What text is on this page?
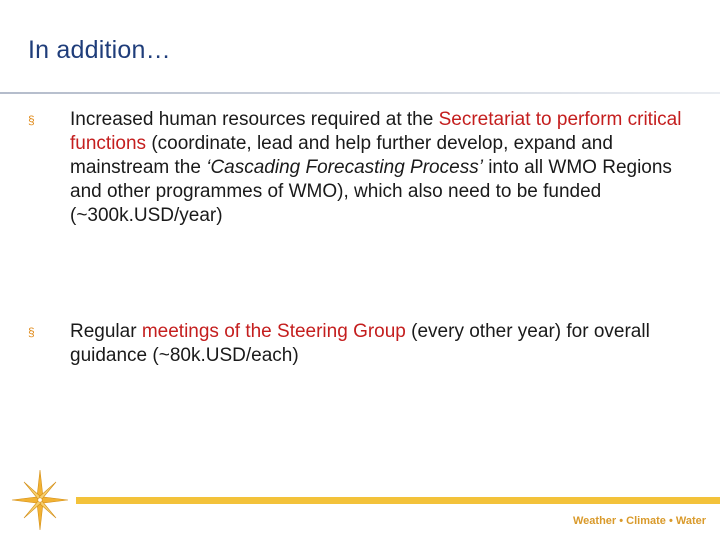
In addition…
§ Increased human resources required at the Secretariat to perform critical functions (coordinate, lead and help further develop, expand and mainstream the ‘Cascading Forecasting Process’ into all WMO Regions and other programmes of WMO), which also need to be funded (~300k.USD/year)
§ Regular meetings of the Steering Group (every other year) for overall guidance (~80k.USD/each)
Weather • Climate • Water
